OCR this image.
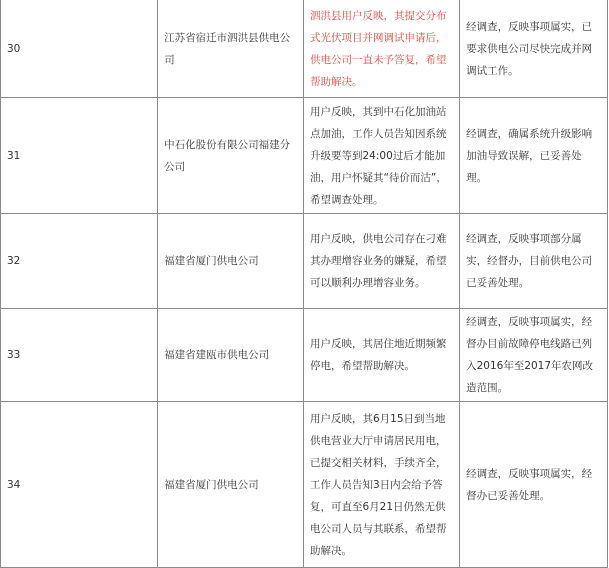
30	江苏省宿迁市泗洪县供电公司	泗洪县用户反映，其提交分布式光伏项目并网调试申请后，供电公司一直未予答复，希望帮助解决。	经调查，反映事项属实，已要求供电公司尽快完成并网调试工作。
31	中石化股份有限公司福建分公司	用户反映，其到中石化加油站点加油，工作人员告知因系统升级要等到24:00过后才能加油，用户怀疑其“待价而沽”，希望调查处理。	经调查，确属系统升级影响加油导致误解，已妥善处理。
32	福建省厦门供电公司	用户反映，供电公司存在刁难其办理增容业务的嫌疑，希望可以顺利办理增容业务。	经调查，反映事项部分属实，经督办，目前供电公司已妥善处理。
33	福建省建瓯市供电公司	用户反映，其居住地近期频繁停电，希望帮助解决。	经调查，反映事项属实，经督办目前故障停电线路已列入2016年至2017年农网改造范围。
34	福建省厦门供电公司	用户反映，其6月15日到当地供电营业大厅申请居民用电，已提交相关材料，手续齐全，工作人员告知3日内会给予答复，可直至6月21日仍然无供电公司人员与其联系，希望帮助解决。	经调查，反映事项属实，经督办已妥善处理。
